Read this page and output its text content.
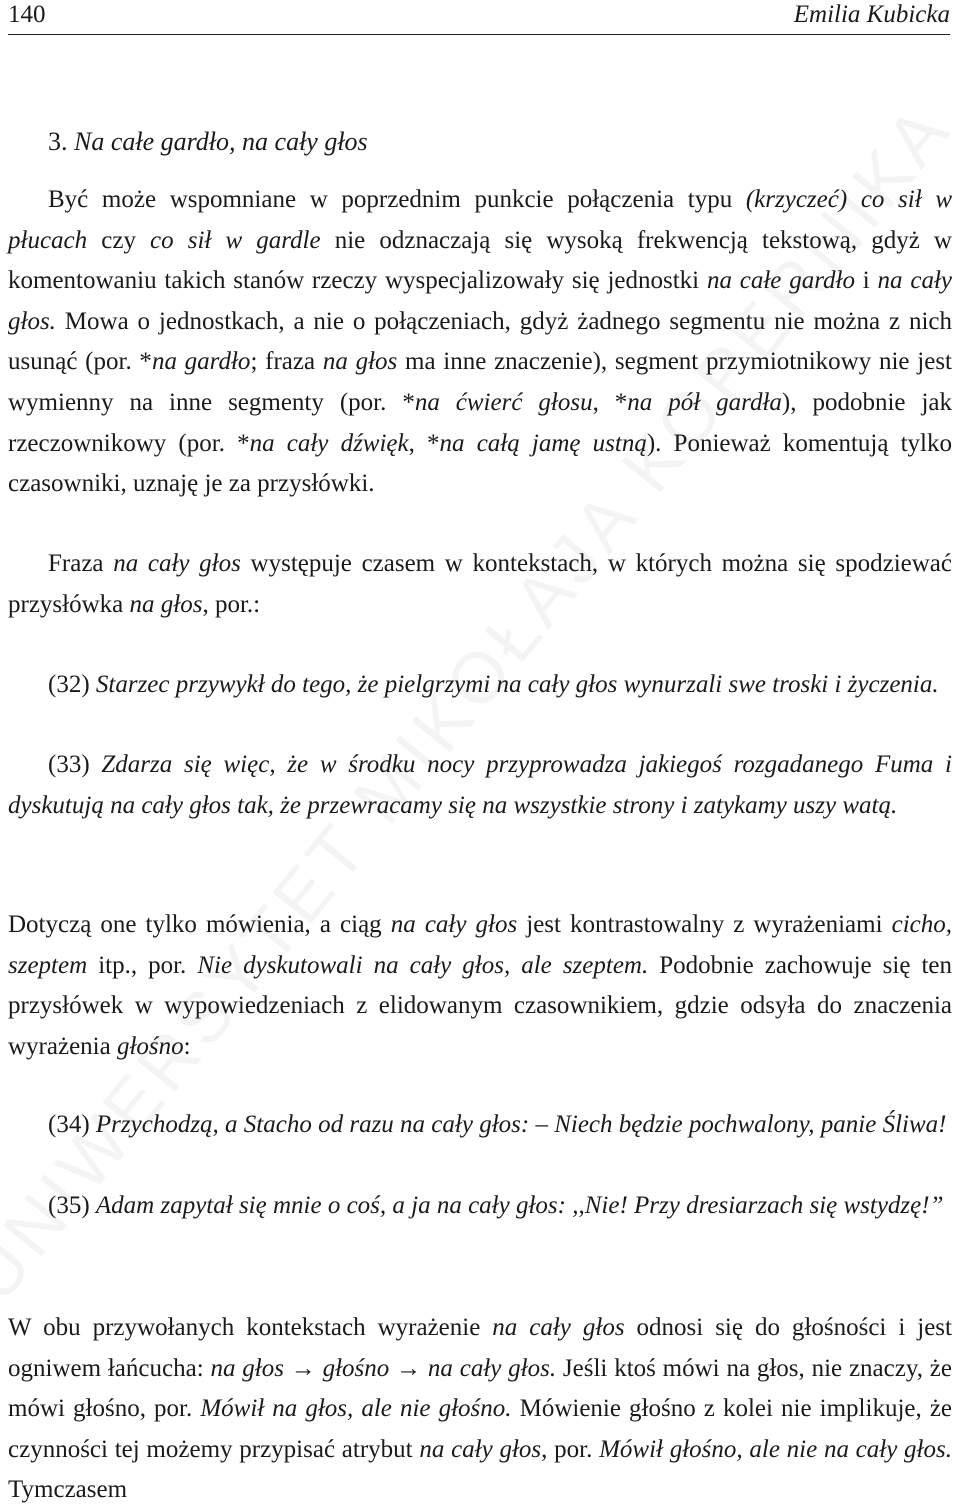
140	Emilia Kubicka
3. Na całe gardło, na cały głos

Być może wspomniane w poprzednim punkcie połączenia typu (krzyczeć) co sił w płucach czy co sił w gardle nie odznaczają się wysoką frekwencją tekstową, gdyż w komentowaniu takich stanów rzeczy wyspecjalizowały się jednostki na całe gardło i na cały głos. Mowa o jednostkach, a nie o połączeniach, gdyż żadnego segmentu nie można z nich usunąć (por. *na gardło; fraza na głos ma inne znaczenie), segment przymiotnikowy nie jest wymienny na inne segmenty (por. *na ćwierć głosu, *na pół gardła), podobnie jak rzeczownikowy (por. *na cały dźwięk, *na całą jamę ustną). Ponieważ komentują tylko czasowniki, uznaję je za przysłówki.

Fraza na cały głos występuje czasem w kontekstach, w których można się spodziewać przysłówka na głos, por.:

(32) Starzec przywykł do tego, że pielgrzymi na cały głos wynurzali swe troski i życzenia.

(33) Zdarza się więc, że w środku nocy przyprowadza jakiegoś rozgadanego Fuma i dyskutują na cały głos tak, że przewracamy się na wszystkie strony i zatykamy uszy watą.

Dotyczą one tylko mówienia, a ciąg na cały głos jest kontrastowalny z wyrażeniami cicho, szeptem itp., por. Nie dyskutowali na cały głos, ale szeptem. Podobnie zachowuje się ten przysłówek w wypowiedzeniach z elidowanym czasownikiem, gdzie odsyła do znaczenia wyrażenia głośno:

(34) Przychodzą, a Stacho od razu na cały głos: – Niech będzie pochwalony, panie Śliwa!

(35) Adam zapytał się mnie o coś, a ja na cały głos: ,,Nie! Przy dresiarzach się wstydzę!”

W obu przywołanych kontekstach wyrażenie na cały głos odnosi się do głośności i jest ogniwem łańcucha: na głos → głośno → na cały głos. Jeśli ktoś mówi na głos, nie znaczy, że mówi głośno, por. Mówił na głos, ale nie głośno. Mówienie głośno z kolei nie implikuje, że czynności tej możemy przypisać atrybut na cały głos, por. Mówił głośno, ale nie na cały głos. Tymczasem
